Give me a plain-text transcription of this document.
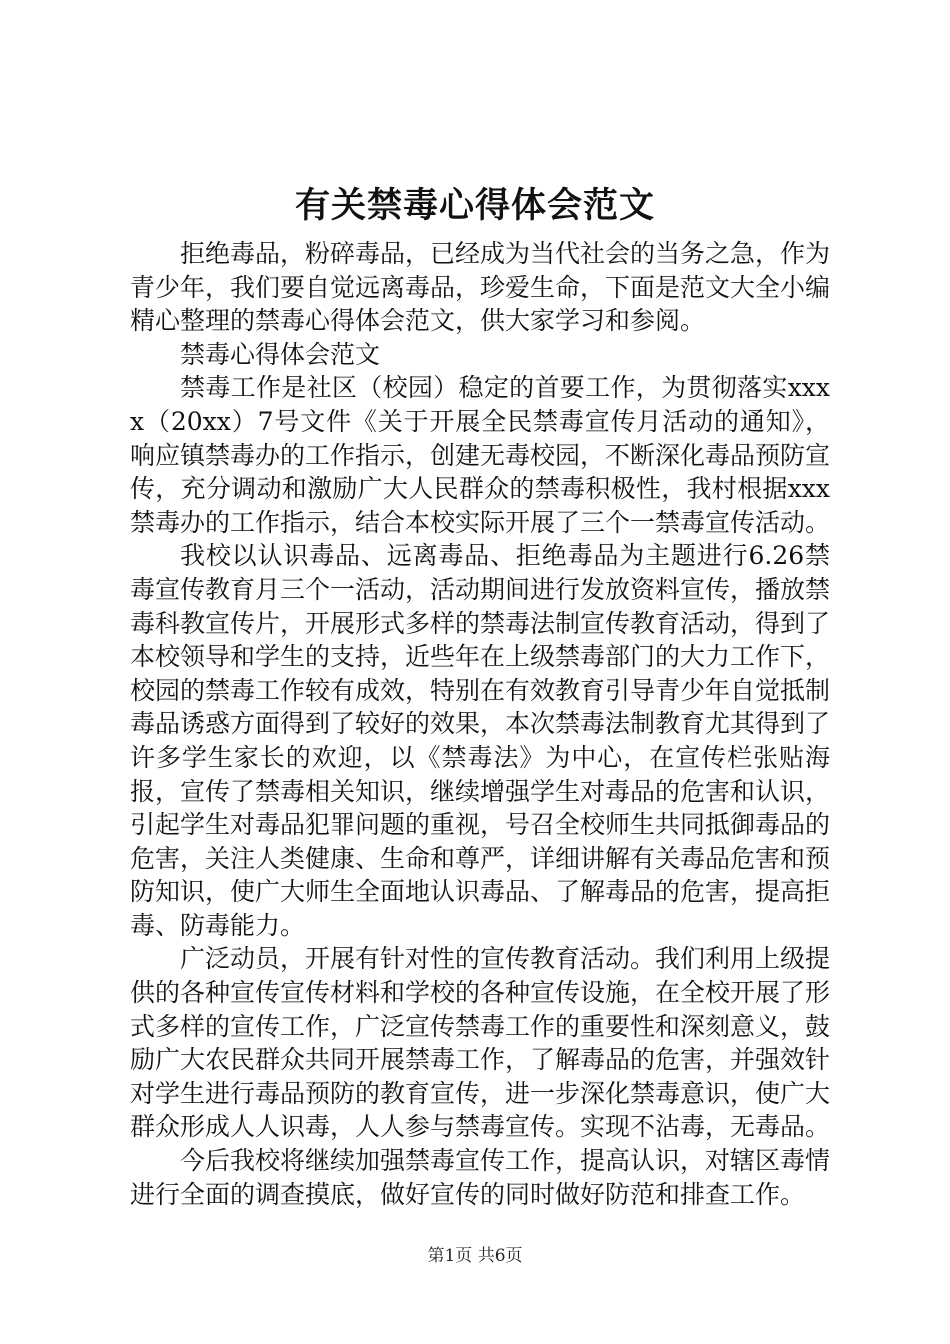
有关禁毒心得体会范文

拒绝毒品，粉碎毒品，已经成为当代社会的当务之急，作为青少年，我们要自觉远离毒品，珍爱生命，下面是范文大全小编精心整理的禁毒心得体会范文，供大家学习和参阅。

禁毒心得体会范文

禁毒工作是社区（校园）稳定的首要工作，为贯彻落实xxxx（20xx）7号文件《关于开展全民禁毒宣传月活动的通知》，响应镇禁毒办的工作指示，创建无毒校园，不断深化毒品预防宣传，充分调动和激励广大人民群众的禁毒积极性，我村根据xxx禁毒办的工作指示，结合本校实际开展了三个一禁毒宣传活动。

我校以认识毒品、远离毒品、拒绝毒品为主题进行6.26禁毒宣传教育月三个一活动，活动期间进行发放资料宣传，播放禁毒科教宣传片，开展形式多样的禁毒法制宣传教育活动，得到了本校领导和学生的支持，近些年在上级禁毒部门的大力工作下，校园的禁毒工作较有成效，特别在有效教育引导青少年自觉抵制毒品诱惑方面得到了较好的效果，本次禁毒法制教育尤其得到了许多学生家长的欢迎，以《禁毒法》为中心，在宣传栏张贴海报，宣传了禁毒相关知识，继续增强学生对毒品的危害和认识，引起学生对毒品犯罪问题的重视，号召全校师生共同抵御毒品的危害，关注人类健康、生命和尊严，详细讲解有关毒品危害和预防知识，使广大师生全面地认识毒品、了解毒品的危害，提高拒毒、防毒能力。

广泛动员，开展有针对性的宣传教育活动。我们利用上级提供的各种宣传宣传材料和学校的各种宣传设施，在全校开展了形式多样的宣传工作，广泛宣传禁毒工作的重要性和深刻意义，鼓励广大农民群众共同开展禁毒工作，了解毒品的危害，并强效针对学生进行毒品预防的教育宣传，进一步深化禁毒意识，使广大群众形成人人识毒，人人参与禁毒宣传。实现不沾毒，无毒品。

今后我校将继续加强禁毒宣传工作，提高认识，对辖区毒情进行全面的调查摸底，做好宣传的同时做好防范和排查工作。

第1页 共6页
